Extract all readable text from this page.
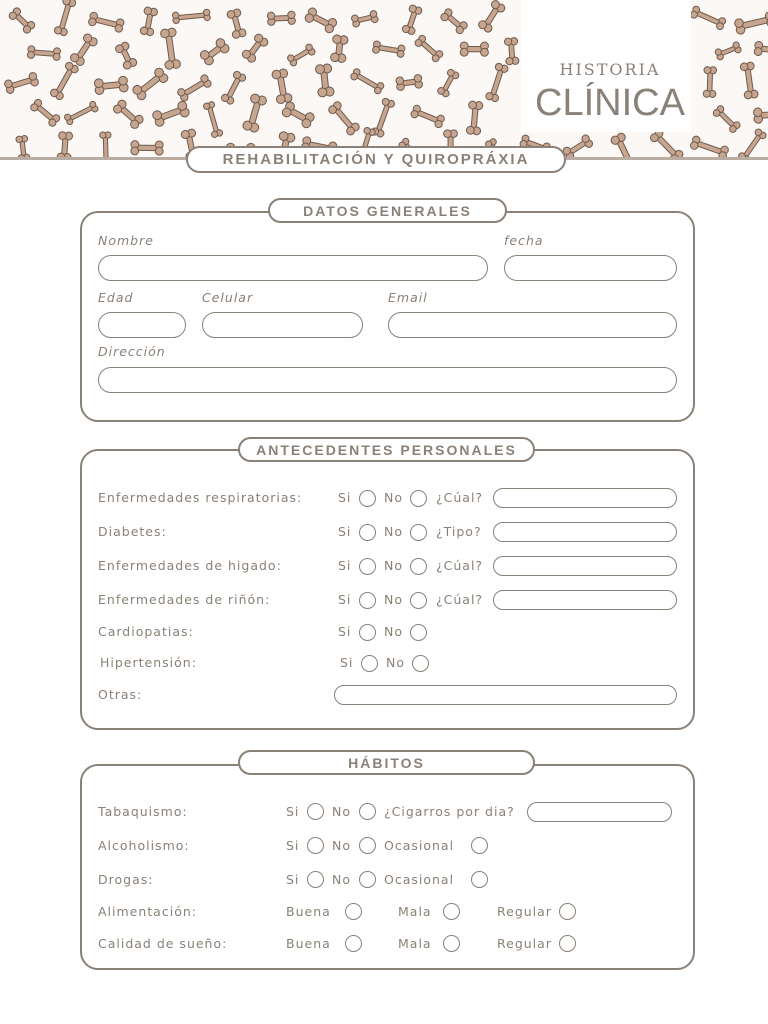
HISTORIA
CLÍNICA
REHABILITACIÓN Y QUIROPRÁXIA
DATOS GENERALES
Nombre	fecha
Edad	Celular	Email
Dirección
ANTECEDENTES PERSONALES
Enfermedades respiratorias:	Si	No	¿Cúal?
Diabetes:	Si	No	¿Tipo?
Enfermedades de higado:	Si	No	¿Cúal?
Enfermedades de riñón:	Si	No	¿Cúal?
Cardiopatias:	Si	No
Hipertensión:	Si	No
Otras:
HÁBITOS
Tabaquismo:	Si	No	¿Cigarros por dia?
Alcoholismo:	Si	No	Ocasional
Drogas:	Si	No	Ocasional
Alimentación:	Buena	Mala	Regular
Calidad de sueño:	Buena	Mala	Regular
